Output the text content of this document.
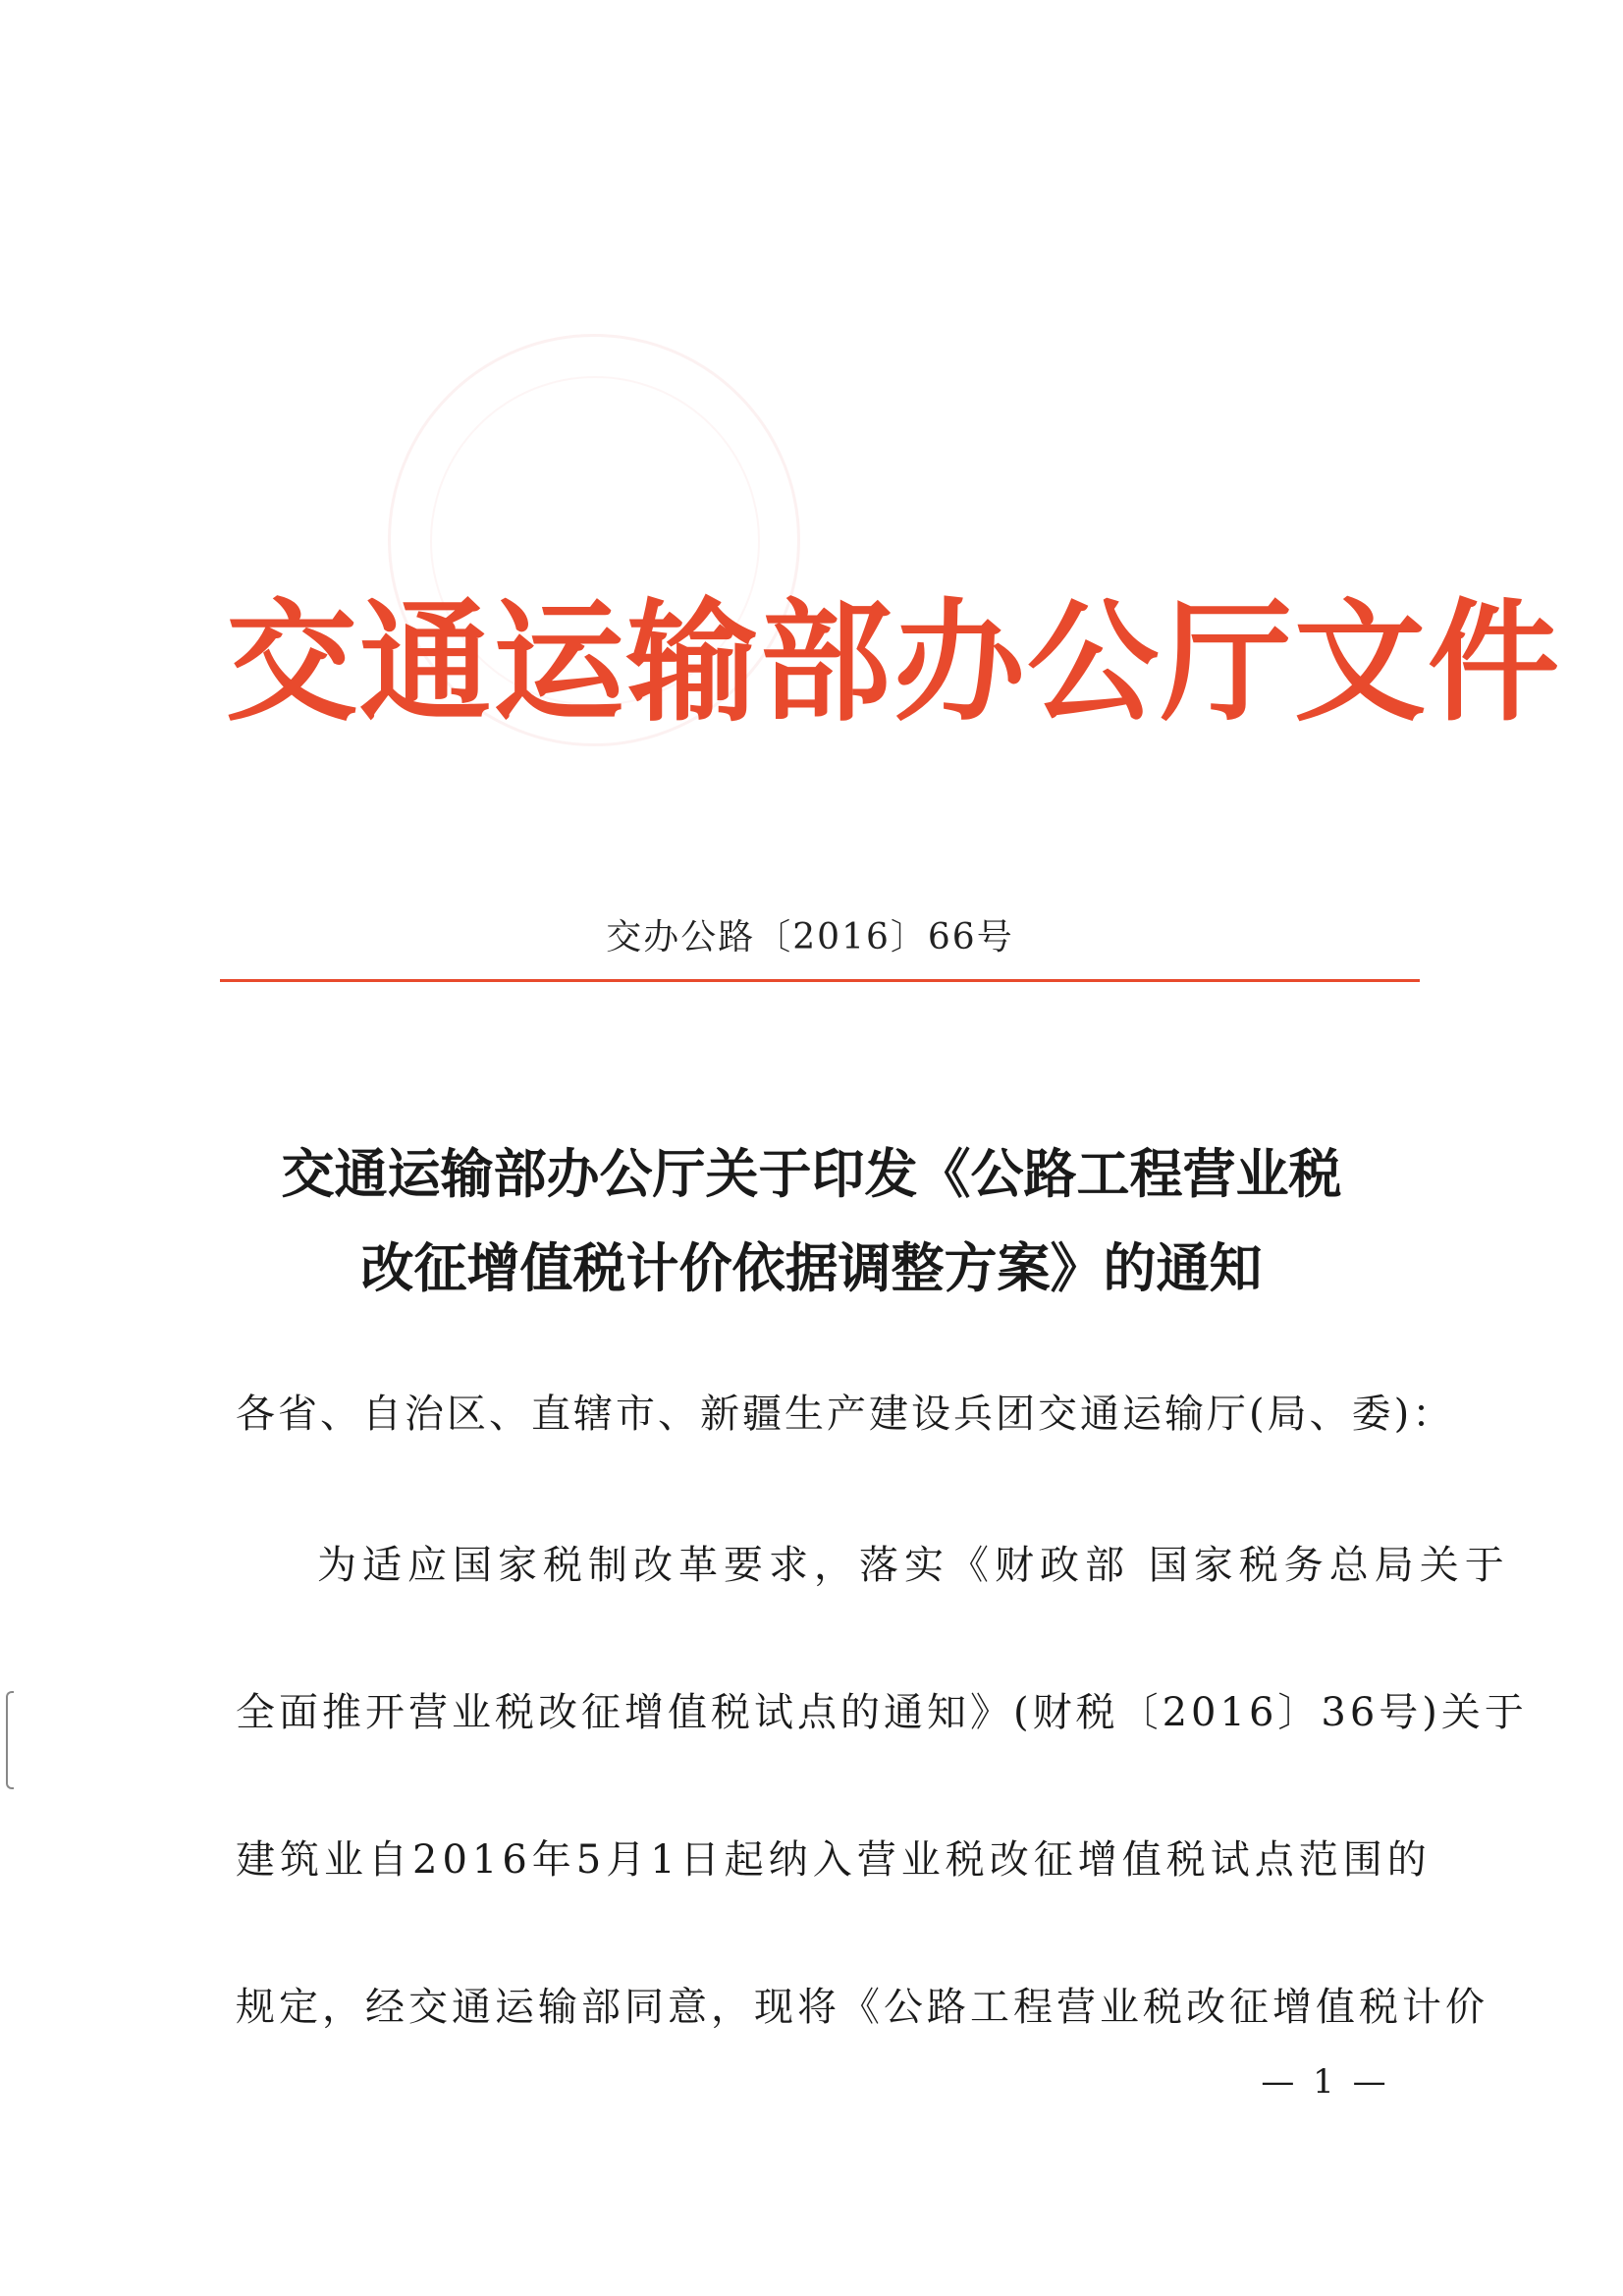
交通运输部办公厅文件
交办公路〔2016〕66号
交通运输部办公厅关于印发《公路工程营业税
改征增值税计价依据调整方案》的通知
各省、自治区、直辖市、新疆生产建设兵团交通运输厅(局、委)：
为适应国家税制改革要求，落实《财政部 国家税务总局关于
全面推开营业税改征增值税试点的通知》(财税〔2016〕36号)关于
建筑业自2016年5月1日起纳入营业税改征增值税试点范围的
规定，经交通运输部同意，现将《公路工程营业税改征增值税计价
— 1 —
